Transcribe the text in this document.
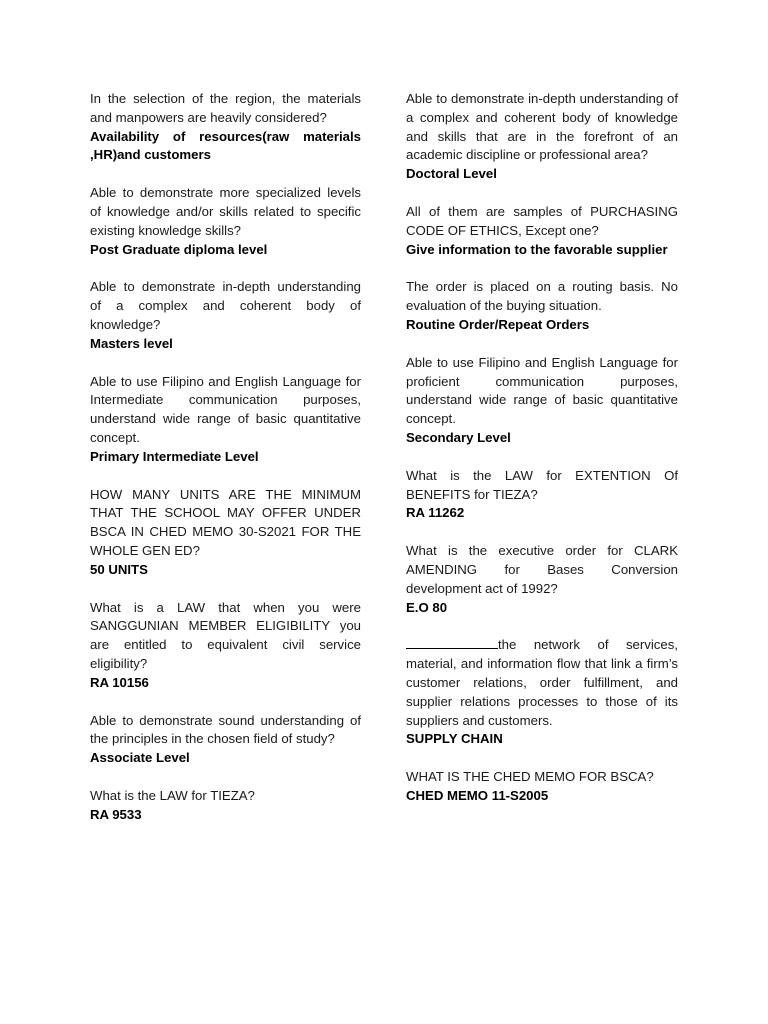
In the selection of the region, the materials and manpowers are heavily considered?

Availability of resources(raw materials ,HR)and customers

Able to demonstrate more specialized levels of knowledge and/or skills related to specific existing knowledge skills?

Post Graduate diploma level

Able to demonstrate in-depth understanding of a complex and coherent body of knowledge?

Masters level

Able to use Filipino and English Language for Intermediate communication purposes, understand wide range of basic quantitative concept.

Primary Intermediate Level

HOW MANY UNITS ARE THE MINIMUM THAT THE SCHOOL MAY OFFER UNDER BSCA IN CHED MEMO 30-S2021 FOR THE WHOLE GEN ED?

50 UNITS

What is a LAW that when you were SANGGUNIAN MEMBER ELIGIBILITY you are entitled to equivalent civil service eligibility?

RA 10156

Able to demonstrate sound understanding of the principles in the chosen field of study?

Associate Level

What is the LAW for TIEZA?

RA 9533

Able to demonstrate in-depth understanding of a complex and coherent body of knowledge and skills that are in the forefront of an academic discipline or professional area?

Doctoral Level

All of them are samples of PURCHASING CODE OF ETHICS, Except one?

Give information to the favorable supplier

The order is placed on a routing basis. No evaluation of the buying situation.

Routine Order/Repeat Orders

Able to use Filipino and English Language for proficient communication purposes, understand wide range of basic quantitative concept.

Secondary Level

What is the LAW for EXTENTION Of BENEFITS for TIEZA?

RA 11262

What is the executive order for CLARK AMENDING for Bases Conversion development act of 1992?

E.O 80

the network of services, material, and information flow that link a firm’s customer relations, order fulfillment, and supplier relations processes to those of its suppliers and customers.

SUPPLY CHAIN

WHAT IS THE CHED MEMO FOR BSCA?

CHED MEMO 11-S2005
